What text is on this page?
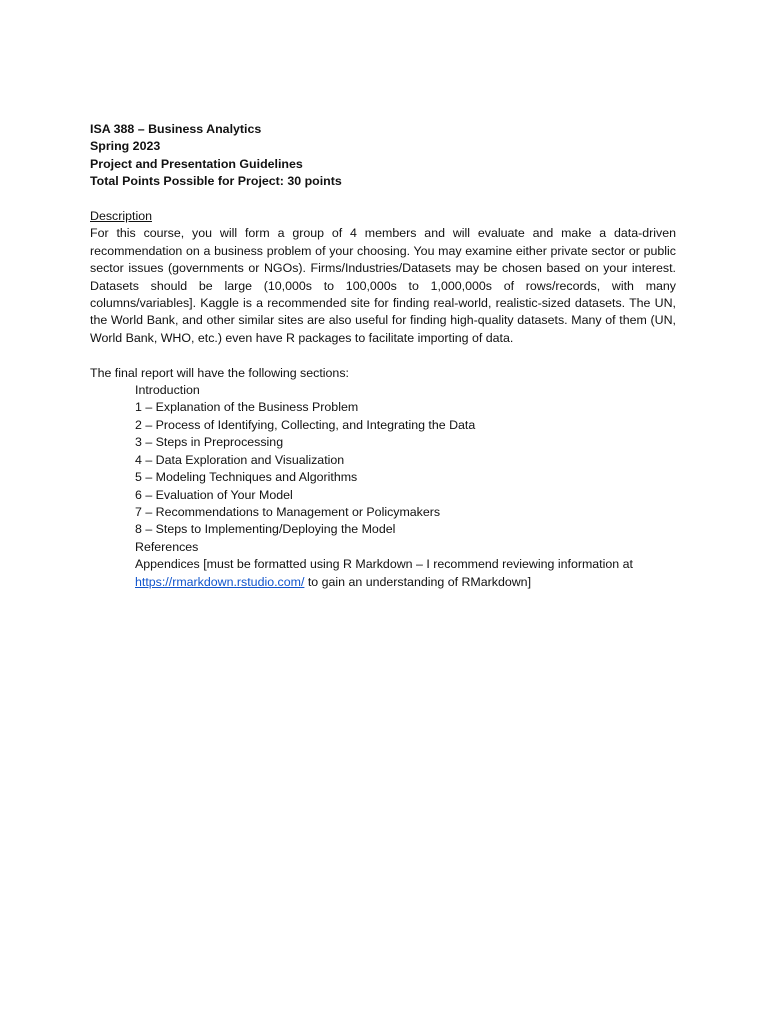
ISA 388 – Business Analytics
Spring 2023
Project and Presentation Guidelines
Total Points Possible for Project: 30 points
Description

For this course, you will form a group of 4 members and will evaluate and make a data-driven recommendation on a business problem of your choosing. You may examine either private sector or public sector issues (governments or NGOs). Firms/Industries/Datasets may be chosen based on your interest. Datasets should be large (10,000s to 100,000s to 1,000,000s of rows/records, with many columns/variables]. Kaggle is a recommended site for finding real-world, realistic-sized datasets. The UN, the World Bank, and other similar sites are also useful for finding high-quality datasets. Many of them (UN, World Bank, WHO, etc.) even have R packages to facilitate importing of data.

The final report will have the following sections:
Introduction
1 – Explanation of the Business Problem
2 – Process of Identifying, Collecting, and Integrating the Data
3 – Steps in Preprocessing
4 – Data Exploration and Visualization
5 – Modeling Techniques and Algorithms
6 – Evaluation of Your Model
7 – Recommendations to Management or Policymakers
8 – Steps to Implementing/Deploying the Model
References
Appendices [must be formatted using R Markdown – I recommend reviewing information at
https://rmarkdown.rstudio.com/ to gain an understanding of RMarkdown]
